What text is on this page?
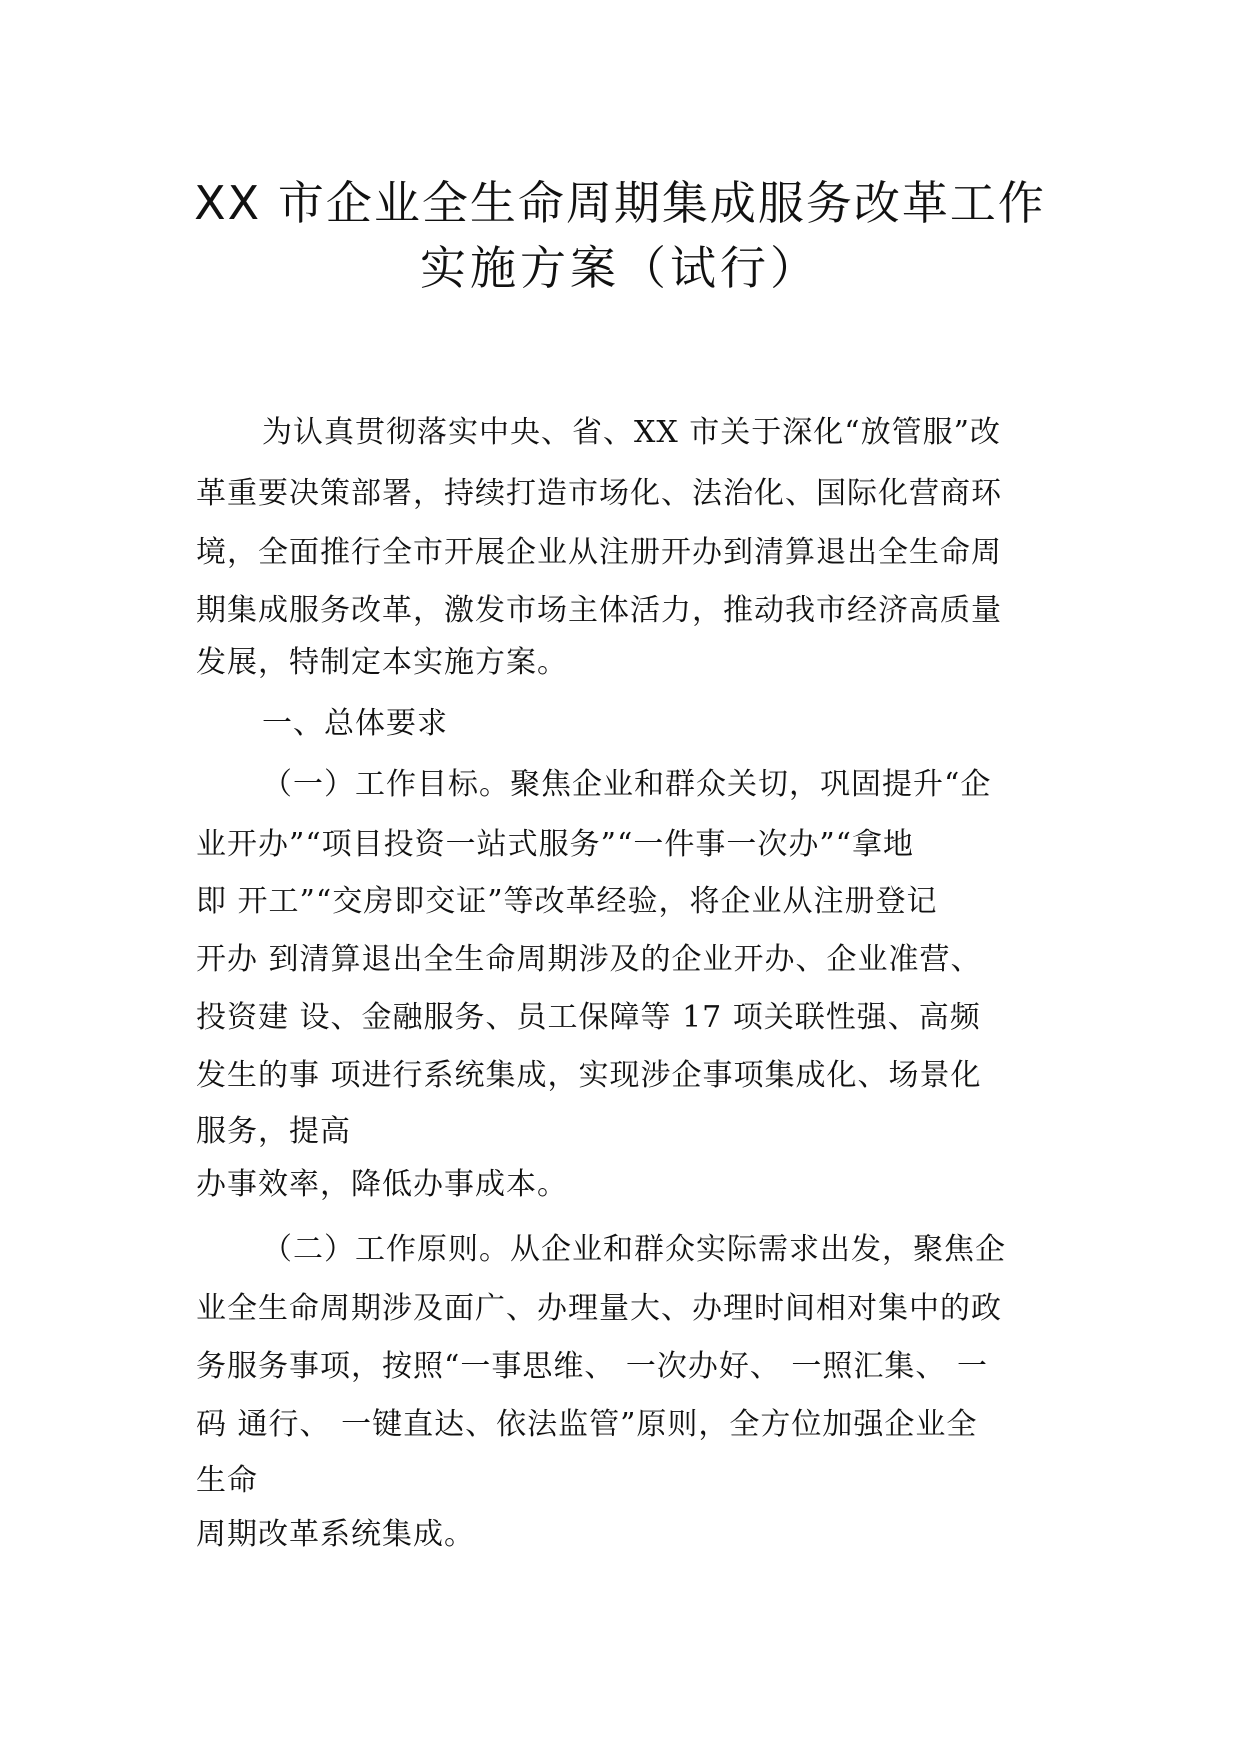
XX 市企业全生命周期集成服务改革工作
实施方案（试行）
为认真贯彻落实中央、省、XX 市关于深化“放管服”改
革重要决策部署，持续打造市场化、法治化、国际化营商环
境，全面推行全市开展企业从注册开办到清算退出全生命周
期集成服务改革，激发市场主体活力，推动我市经济高质量
发展，特制定本实施方案。
一、总体要求
（一）工作目标。聚焦企业和群众关切，巩固提升“企
业开办”“项目投资一站式服务”“一件事一次办”“拿地
即 开工”“交房即交证”等改革经验，将企业从注册登记
开办 到清算退出全生命周期涉及的企业开办、企业准营、
投资建 设、金融服务、员工保障等 17 项关联性强、高频
发生的事 项进行系统集成，实现涉企事项集成化、场景化
服务，提高
办事效率，降低办事成本。
（二）工作原则。从企业和群众实际需求出发，聚焦企
业全生命周期涉及面广、办理量大、办理时间相对集中的政
务服务事项，按照“一事思维、 一次办好、 一照汇集、 一
码 通行、 一键直达、依法监管”原则，全方位加强企业全
生命
周期改革系统集成。
